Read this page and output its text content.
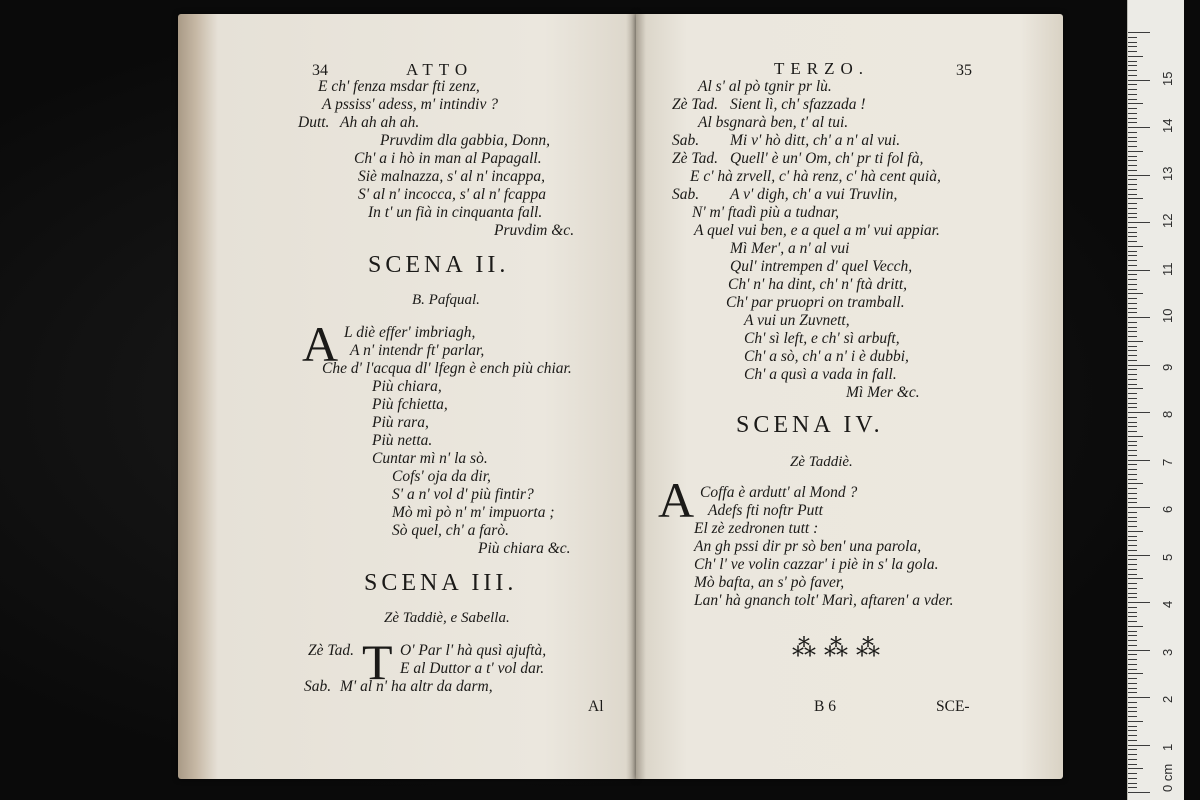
34	ATTO
E ch' fenza msdar fti zenz,
A pssiss' adess, m' intindiv ?
Dutt. Ah ah ah ah.
Pruvdim dla gabbia, Donn,
Ch' a i hò in man al Papagall.
Siè malnazza, s' al n' incappa,
S' al n' incocca, s' al n' fcappa
In t' un fià in cinquanta fall.
Pruvdim &c.
SCENA II.
B. Pafqual.
A L diè effer' imbriagh,
A n' intendr ft' parlar,
Che d' l'acqua dl' lfegn è ench più chiar.
Più chiara,
Più fchietta,
Più rara,
Più netta.
Cuntar mì n' la sò.
Cofs' oja da dir,
S' a n' vol d' più fintir?
Mò mì pò n' m' impuorta ;
Sò quel, ch' a farò.
Più chiara &c.
SCENA III.
Zè Taddiè, e Sabella.
Zè Tad. T O' Par l' hà qusì ajuftà,
E al Duttor a t' vol dar.
Sab. M' al n' ha altr da darm,
Al
TERZO.	35
Al s' al pò tgnir pr lù.
Zè Tad. Sient lì, ch' sfazzada !
Al bsgnarà ben, t' al tui.
Sab. Mi v' hò ditt, ch' a n' al vui.
Zè Tad. Quell' è un' Om, ch' pr ti fol fà,
E c' hà zrvell, c' hà renz, c' hà cent quià,
Sab. A v' digh, ch' a vui Truvlin,
N' m' ftadì più a tudnar,
A quel vui ben, e a quel a m' vui appiar.
Mì Mer', a n' al vui
Qul' intrempen d' quel Vecch,
Ch' n' ha dint, ch' n' ftà dritt,
Ch' par pruopri on tramball.
A vui un Zuvnett,
Ch' sì left, e ch' sì arbuft,
Ch' a sò, ch' a n' i è dubbi,
Ch' a qusì a vada in fall.
Mì Mer &c.
SCENA IV.
Zè Taddiè.
A Coffa è ardutt' al Mond ?
Adefs fti noftr Putt
El zè zedronen tutt :
An gh pssi dir pr sò ben' una parola,
Ch' l' ve volin cazzar' i piè in s' la gola.
Mò bafta, an s' pò faver,
Lan' hà gnanch tolt' Marì, aftaren' a vder.
⁂⁂⁂
B 6	SCE-
0 cm
1
2
3
4
5
6
7
8
9
10
11
12
13
14
15
